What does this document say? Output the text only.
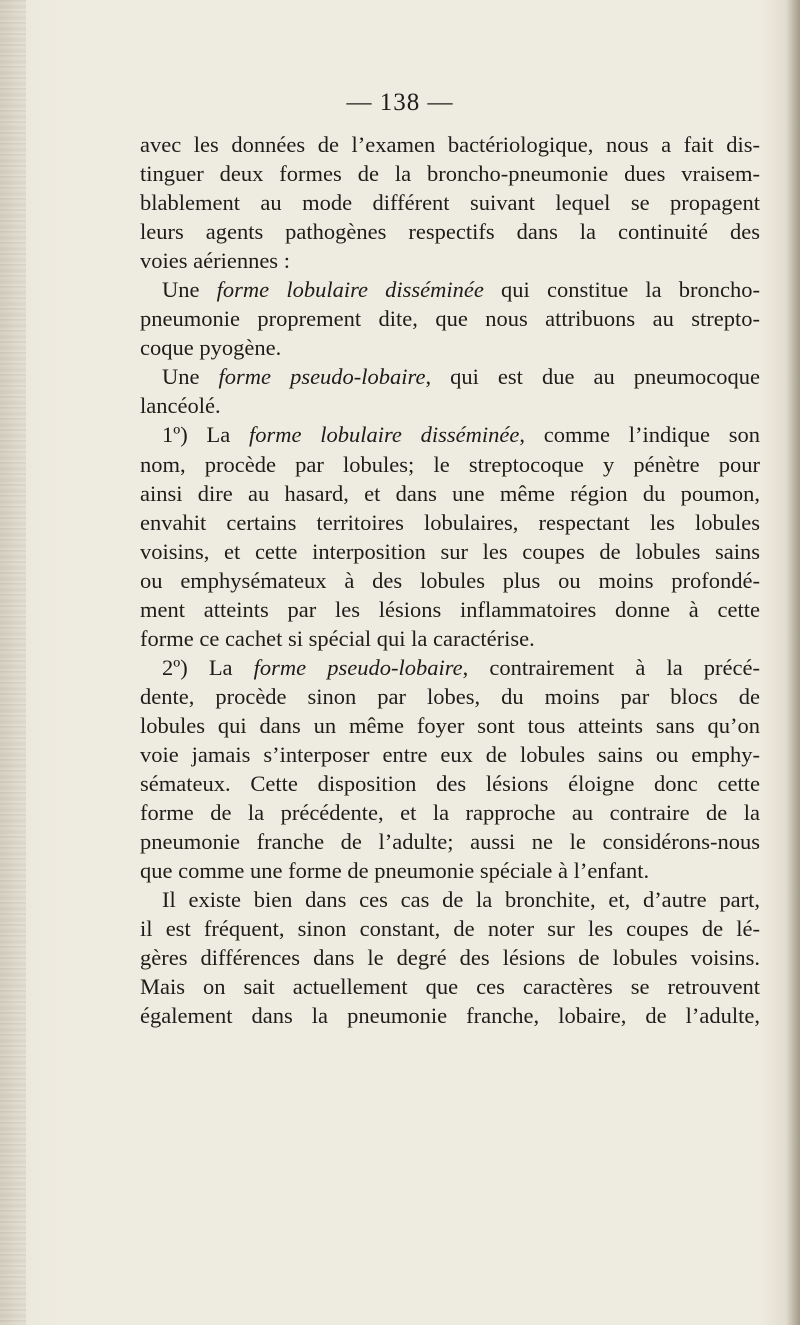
— 138 —
avec les données de l’examen bactériologique, nous a fait dis-
tinguer deux formes de la broncho-pneumonie dues vraisem-
blablement au mode différent suivant lequel se propagent
leurs agents pathogènes respectifs dans la continuité des
voies aériennes :
Une forme lobulaire disséminée qui constitue la broncho-
pneumonie proprement dite, que nous attribuons au strepto-
coque pyogène.
Une forme pseudo-lobaire, qui est due au pneumocoque
lancéolé.
1º) La forme lobulaire disséminée, comme l’indique son
nom, procède par lobules; le streptocoque y pénètre pour
ainsi dire au hasard, et dans une même région du poumon,
envahit certains territoires lobulaires, respectant les lobules
voisins, et cette interposition sur les coupes de lobules sains
ou emphysémateux à des lobules plus ou moins profondé-
ment atteints par les lésions inflammatoires donne à cette
forme ce cachet si spécial qui la caractérise.
2º) La forme pseudo-lobaire, contrairement à la précé-
dente, procède sinon par lobes, du moins par blocs de
lobules qui dans un même foyer sont tous atteints sans qu’on
voie jamais s’interposer entre eux de lobules sains ou emphy-
sémateux. Cette disposition des lésions éloigne donc cette
forme de la précédente, et la rapproche au contraire de la
pneumonie franche de l’adulte; aussi ne le considérons-nous
que comme une forme de pneumonie spéciale à l’enfant.
Il existe bien dans ces cas de la bronchite, et, d’autre part,
il est fréquent, sinon constant, de noter sur les coupes de lé-
gères différences dans le degré des lésions de lobules voisins.
Mais on sait actuellement que ces caractères se retrouvent
également dans la pneumonie franche, lobaire, de l’adulte,
